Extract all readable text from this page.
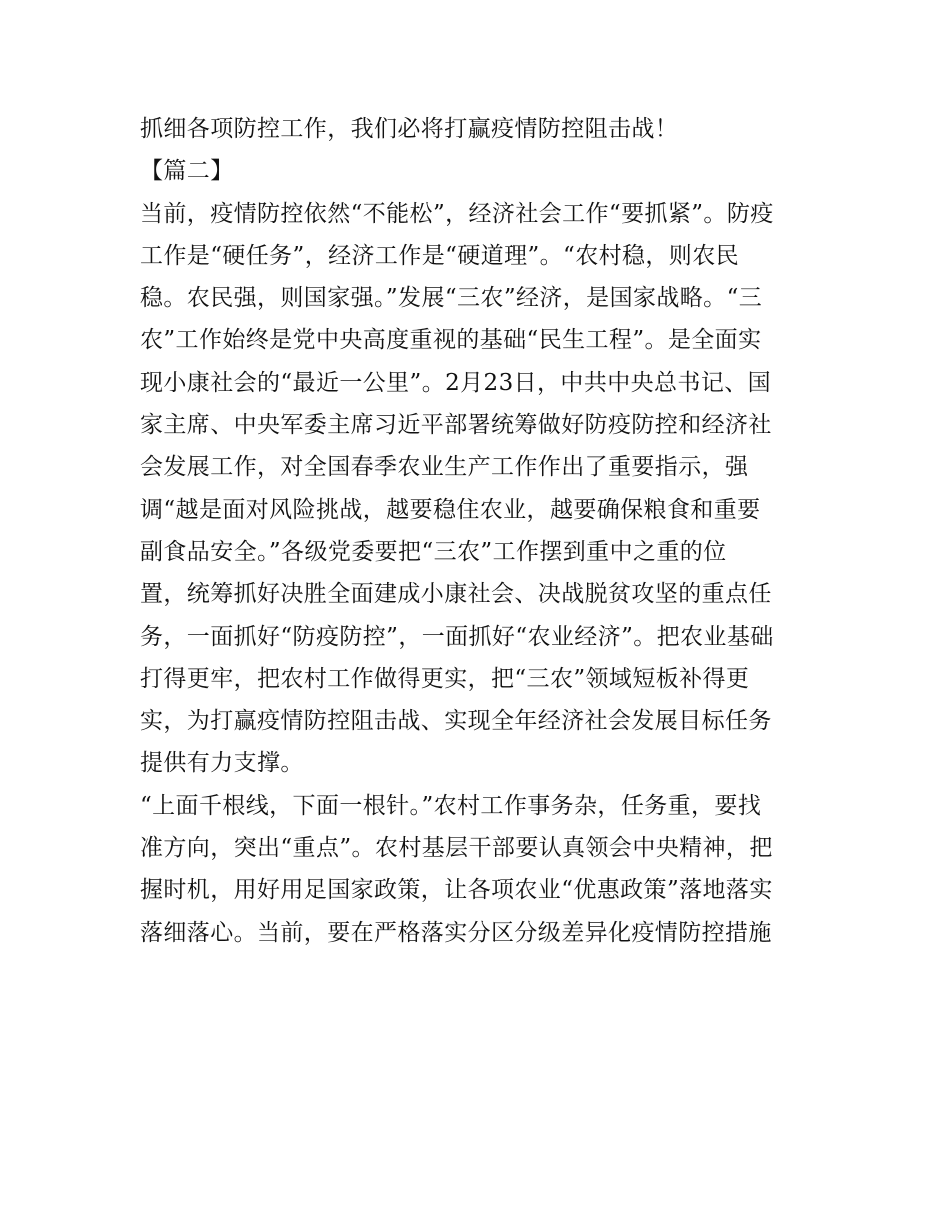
抓细各项防控工作，我们必将打赢疫情防控阻击战！
【篇二】
当前，疫情防控依然“不能松”，经济社会工作“要抓紧”。防疫
工作是“硬任务”，经济工作是“硬道理”。“农村稳，则农民
稳。农民强，则国家强。”发展“三农”经济，是国家战略。“三
农”工作始终是党中央高度重视的基础“民生工程”。是全面实
现小康社会的“最近一公里”。2月23日，中共中央总书记、国
家主席、中央军委主席习近平部署统筹做好防疫防控和经济社
会发展工作，对全国春季农业生产工作作出了重要指示，强
调“越是面对风险挑战，越要稳住农业，越要确保粮食和重要
副食品安全。”各级党委要把“三农”工作摆到重中之重的位
置，统筹抓好决胜全面建成小康社会、决战脱贫攻坚的重点任
务，一面抓好“防疫防控”，一面抓好“农业经济”。把农业基础
打得更牢，把农村工作做得更实，把“三农”领域短板补得更
实，为打赢疫情防控阻击战、实现全年经济社会发展目标任务
提供有力支撑。
“上面千根线，下面一根针。”农村工作事务杂，任务重，要找
准方向，突出“重点”。农村基层干部要认真领会中央精神，把
握时机，用好用足国家政策，让各项农业“优惠政策”落地落实
落细落心。当前，要在严格落实分区分级差异化疫情防控措施
